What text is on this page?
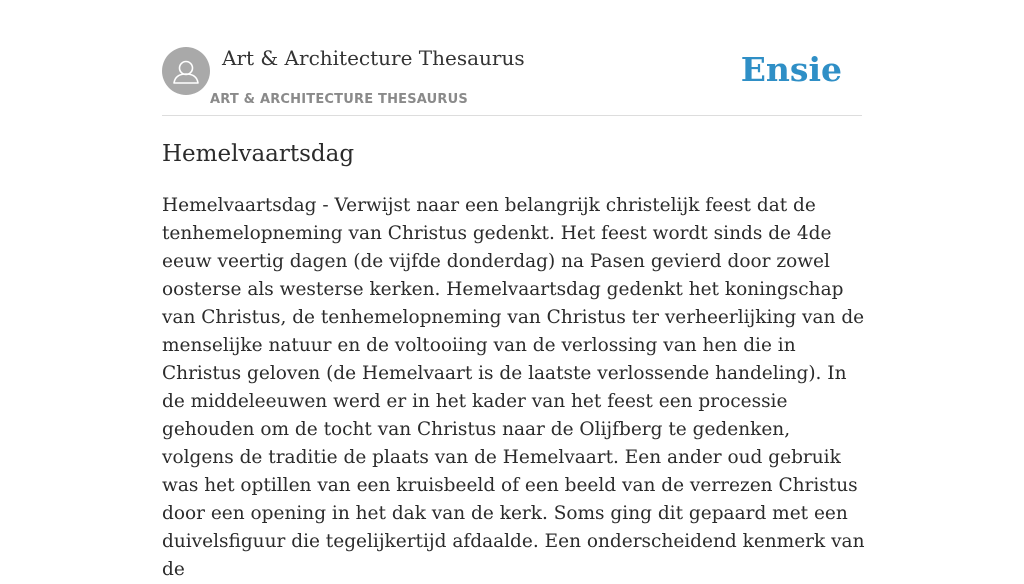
Art & Architecture Thesaurus
ART & ARCHITECTURE THESAURUS
Ensie
Hemelvaartsdag

Hemelvaartsdag - Verwijst naar een belangrijk christelijk feest dat de tenhemelopneming van Christus gedenkt. Het feest wordt sinds de 4de eeuw veertig dagen (de vijfde donderdag) na Pasen gevierd door zowel oosterse als westerse kerken. Hemelvaartsdag gedenkt het koningschap van Christus, de tenhemelopneming van Christus ter verheerlijking van de menselijke natuur en de voltooiing van de verlossing van hen die in Christus geloven (de Hemelvaart is de laatste verlossende handeling). In de middeleeuwen werd er in het kader van het feest een processie gehouden om de tocht van Christus naar de Olijfberg te gedenken, volgens de traditie de plaats van de Hemelvaart. Een ander oud gebruik was het optillen van een kruisbeeld of een beeld van de verrezen Christus door een opening in het dak van de kerk. Soms ging dit gepaard met een duivelsfiguur die tegelijkertijd afdaalde. Een onderscheidend kenmerk van de
